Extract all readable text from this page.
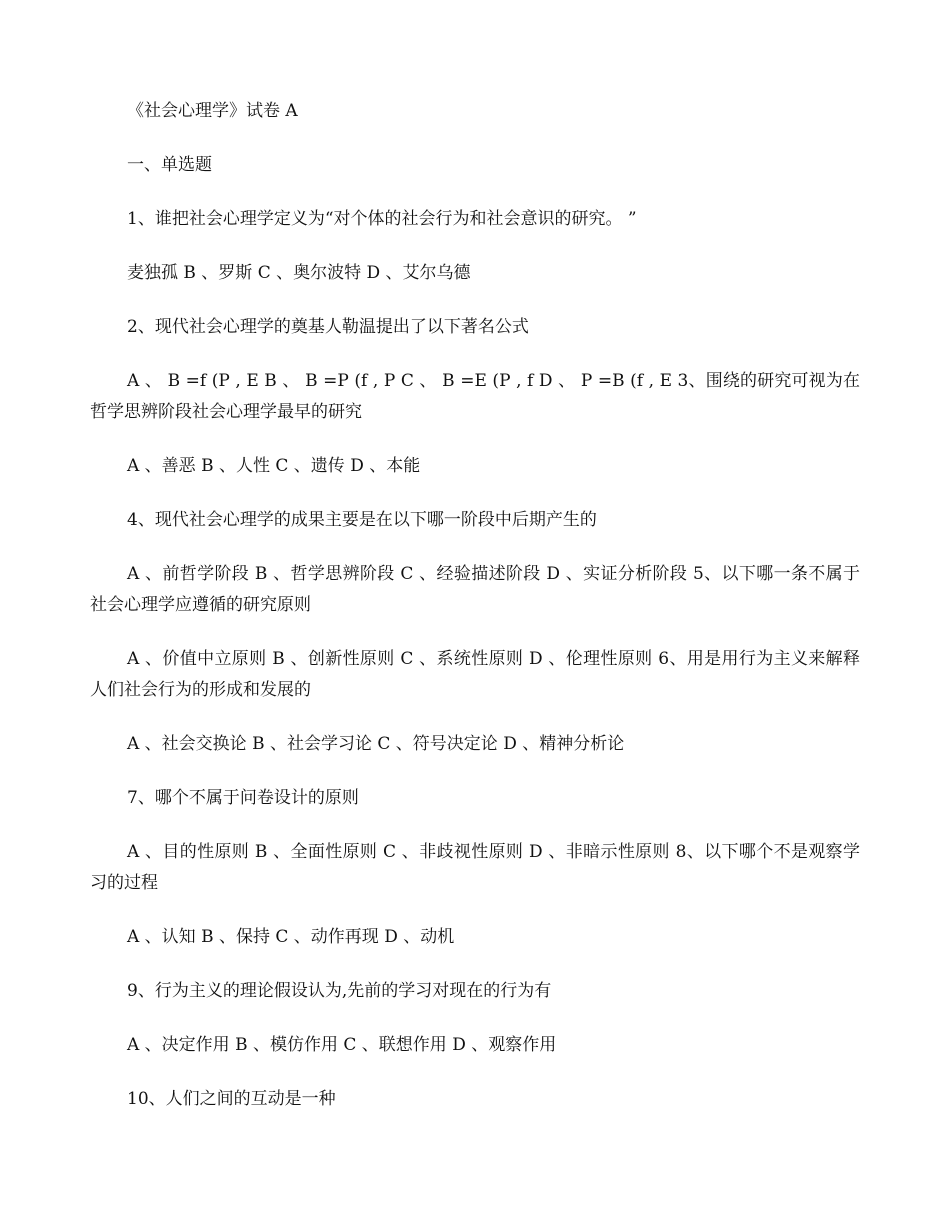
《社会心理学》试卷 A

一、单选题

1、谁把社会心理学定义为“对个体的社会行为和社会意识的研究。 ”

麦独孤 B 、罗斯 C 、奥尔波特 D 、艾尔乌德

2、现代社会心理学的奠基人勒温提出了以下著名公式

A 、 B =f (P , E B 、 B =P (f , P C 、 B =E (P , f D 、 P =B (f , E 3、围绕的研究可视为在哲学思辨阶段社会心理学最早的研究

A 、善恶 B 、人性 C 、遗传 D 、本能

4、现代社会心理学的成果主要是在以下哪一阶段中后期产生的

A 、前哲学阶段 B 、哲学思辨阶段 C 、经验描述阶段 D 、实证分析阶段 5、以下哪一条不属于社会心理学应遵循的研究原则

A 、价值中立原则 B 、创新性原则 C 、系统性原则 D 、伦理性原则 6、用是用行为主义来解释人们社会行为的形成和发展的

A 、社会交换论 B 、社会学习论 C 、符号决定论 D 、精神分析论

7、哪个不属于问卷设计的原则

A 、目的性原则 B 、全面性原则 C 、非歧视性原则 D 、非暗示性原则 8、以下哪个不是观察学习的过程

A 、认知 B 、保持 C 、动作再现 D 、动机

9、行为主义的理论假设认为,先前的学习对现在的行为有

A 、决定作用 B 、模仿作用 C 、联想作用 D 、观察作用

10、人们之间的互动是一种
